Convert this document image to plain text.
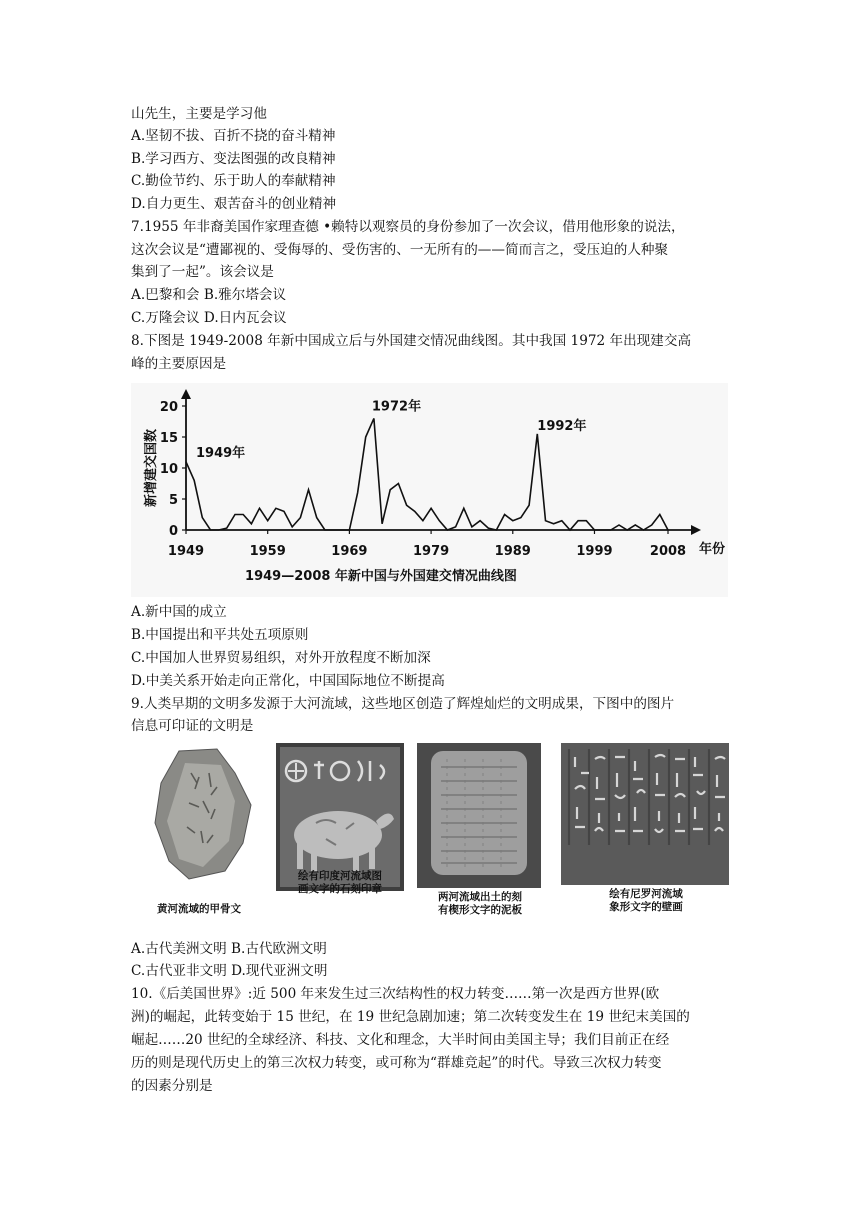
山先生，主要是学习他
A.坚韧不拔、百折不挠的奋斗精神
B.学习西方、变法图强的改良精神
C.勤俭节约、乐于助人的奉献精神
D.自力更生、艰苦奋斗的创业精神
7.1955 年非裔美国作家理查德 •赖特以观察员的身份参加了一次会议，借用他形象的说法，
这次会议是“遭鄙视的、受侮辱的、受伤害的、一无所有的——简而言之，受压迫的人种聚
集到了一起”。该会议是
A.巴黎和会 B.雅尔塔会议
C.万隆会议 D.日内瓦会议
8.下图是 1949-2008 年新中国成立后与外国建交情况曲线图。其中我国 1972 年出现建交高
峰的主要原因是
0
5
10
15
20
1949	1959	1969	1979	1989	1999	2008
1949年
1972年
1992年
新增建交国数
年份
1949—2008 年新中国与外国建交情况曲线图
A.新中国的成立
B.中国提出和平共处五项原则
C.中国加人世界贸易组织，对外开放程度不断加深
D.中美关系开始走向正常化，中国国际地位不断提高
9.人类早期的文明多发源于大河流域，这些地区创造了辉煌灿烂的文明成果，下图中的图片
信息可印证的文明是
黄河流域的甲骨文
绘有印度河流域图
画文字的石刻印章
两河流域出土的刻
有楔形文字的泥板
绘有尼罗河流域
象形文字的壁画
A.古代美洲文明 B.古代欧洲文明
C.古代亚非文明 D.现代亚洲文明
10.《后美国世界》:近 500 年来发生过三次结构性的权力转变……第一次是西方世界(欧
洲)的崛起，此转变始于 15 世纪，在 19 世纪急剧加速；第二次转变发生在 19 世纪末美国的
崛起……20 世纪的全球经济、科技、文化和理念，大半时间由美国主导；我们目前正在经
历的则是现代历史上的第三次权力转变，或可称为“群雄竞起”的时代。导致三次权力转变
的因素分别是
